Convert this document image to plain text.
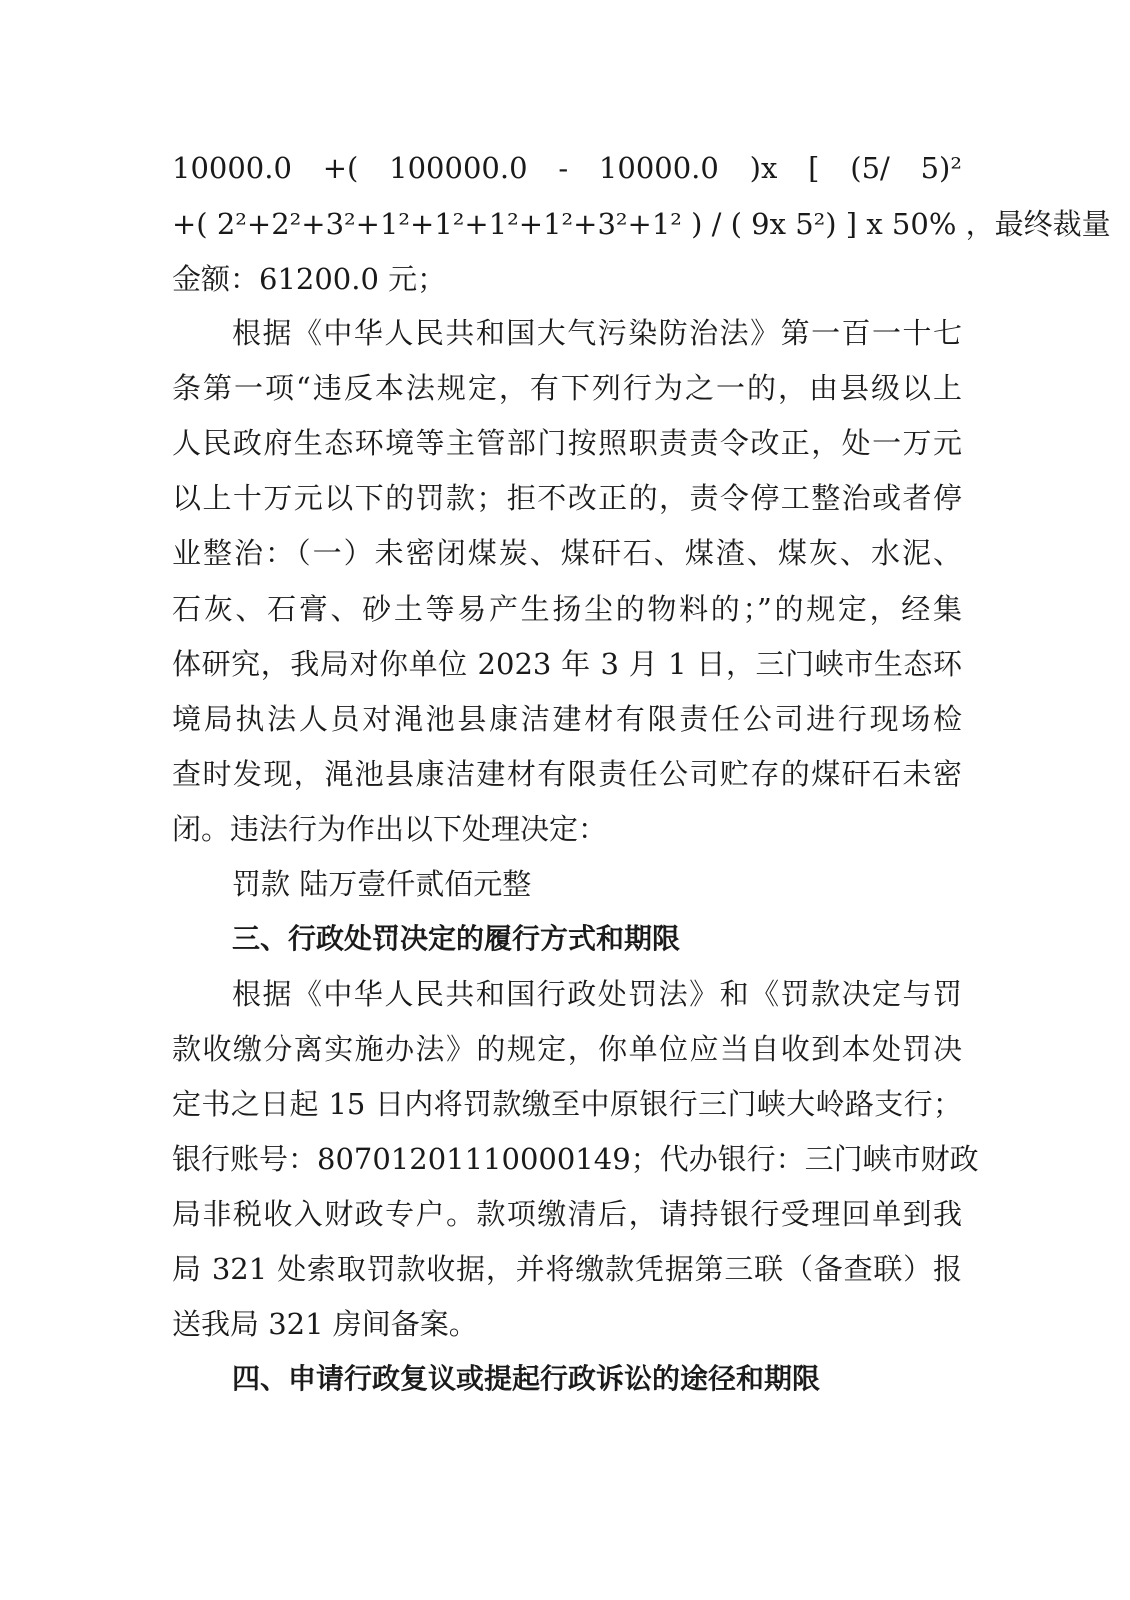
10000.0 +( 100000.0 - 10000.0 )x [ (5/ 5)²
+( 2²+2²+3²+1²+1²+1²+1²+3²+1² ) / ( 9x 5²) ] x 50% ，最终裁量
金额：61200.0 元；
根据《中华人民共和国大气污染防治法》第一百一十七
条第一项“违反本法规定，有下列行为之一的，由县级以上
人民政府生态环境等主管部门按照职责责令改正，处一万元
以上十万元以下的罚款；拒不改正的，责令停工整治或者停
业整治：（一）未密闭煤炭、煤矸石、煤渣、煤灰、水泥、
石灰、石膏、砂土等易产生扬尘的物料的；”的规定，经集
体研究，我局对你单位 2023 年 3 月 1 日，三门峡市生态环
境局执法人员对渑池县康洁建材有限责任公司进行现场检
查时发现，渑池县康洁建材有限责任公司贮存的煤矸石未密
闭。违法行为作出以下处理决定：
罚款 陆万壹仟贰佰元整
三、行政处罚决定的履行方式和期限
根据《中华人民共和国行政处罚法》和《罚款决定与罚
款收缴分离实施办法》的规定，你单位应当自收到本处罚决
定书之日起 15 日内将罚款缴至中原银行三门峡大岭路支行；
银行账号：80701201110000149；代办银行：三门峡市财政
局非税收入财政专户。款项缴清后，请持银行受理回单到我
局 321 处索取罚款收据，并将缴款凭据第三联（备查联）报
送我局 321 房间备案。
四、申请行政复议或提起行政诉讼的途径和期限
